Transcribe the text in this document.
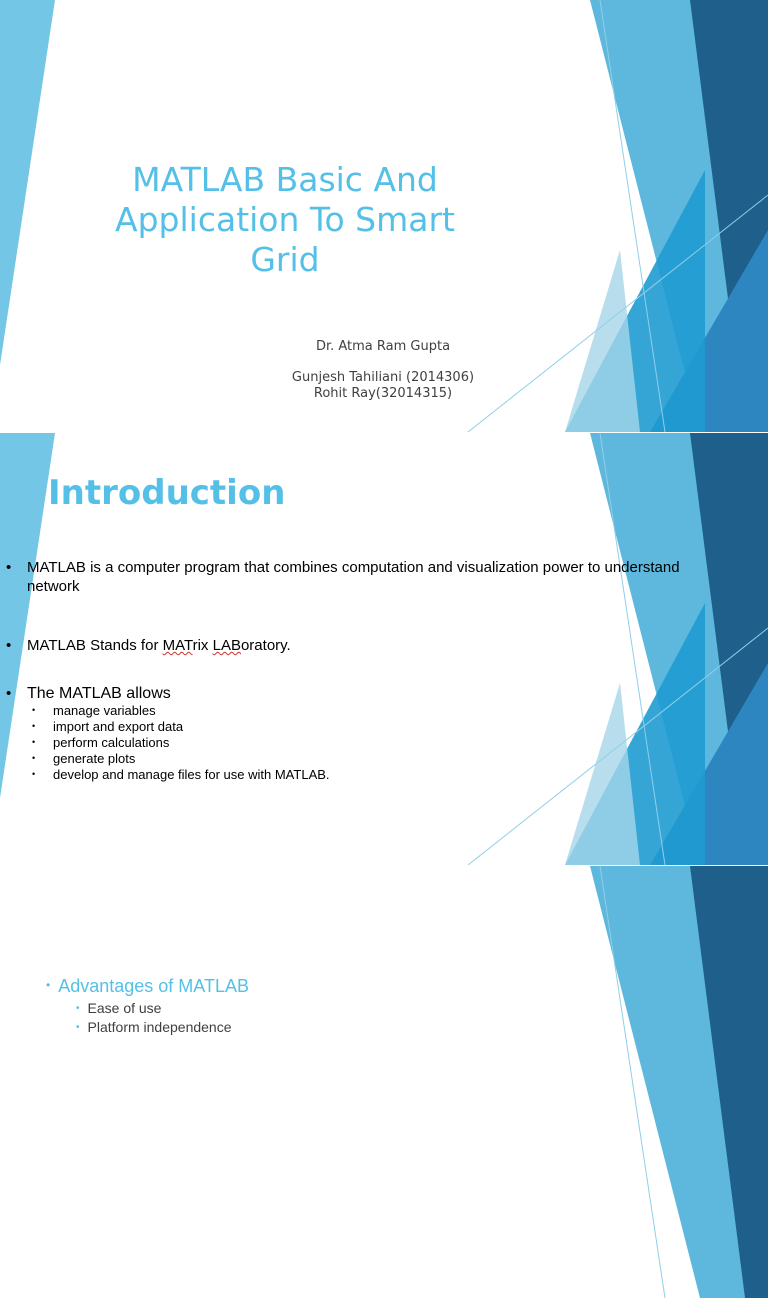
MATLAB Basic And Application To Smart Grid
Dr. Atma Ram Gupta
Gunjesh Tahiliani (2014306)
Rohit Ray(32014315)
Introduction
• MATLAB is a computer program that combines computation and visualization power to understand
network
• MATLAB Stands for MATrix LABoratory.
• The MATLAB allows
• manage variables
• import and export data
• perform calculations
• generate plots
• develop and manage files for use with MATLAB.
• Advantages of MATLAB
• Ease of use
• Platform independence
